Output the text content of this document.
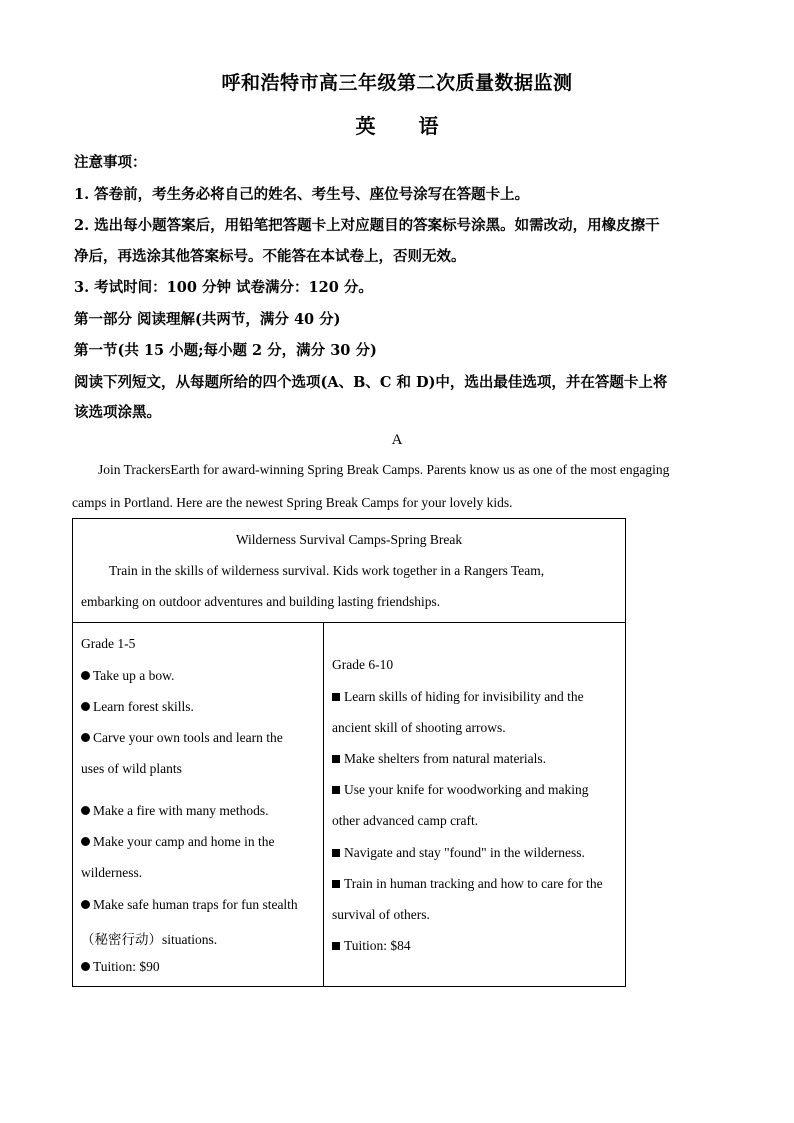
呼和浩特市高三年级第二次质量数据监测
英 语
注意事项：
1. 答卷前，考生务必将自己的姓名、考生号、座位号涂写在答题卡上。
2. 选出每小题答案后，用铅笔把答题卡上对应题目的答案标号涂黑。如需改动，用橡皮擦干
净后，再选涂其他答案标号。不能答在本试卷上，否则无效。
3. 考试时间：100 分钟 试卷满分：120 分。
第一部分 阅读理解(共两节，满分 40 分)
第一节(共 15 小题;每小题 2 分，满分 30 分)
阅读下列短文，从每题所给的四个选项(A、B、C 和 D)中，选出最佳选项，并在答题卡上将
该选项涂黑。
A
Join TrackersEarth for award-winning Spring Break Camps. Parents know us as one of the most engaging
camps in Portland. Here are the newest Spring Break Camps for your lovely kids.
Wilderness Survival Camps-Spring Break
Train in the skills of wilderness survival. Kids work together in a Rangers Team,
embarking on outdoor adventures and building lasting friendships.
Grade 1-5
Take up a bow.
Learn forest skills.
Carve your own tools and learn the
uses of wild plants
Make a fire with many methods.
Make your camp and home in the
wilderness.
Make safe human traps for fun stealth
（秘密行动）situations.
Tuition: $90
Grade 6-10
Learn skills of hiding for invisibility and the
ancient skill of shooting arrows.
Make shelters from natural materials.
Use your knife for woodworking and making
other advanced camp craft.
Navigate and stay "found" in the wilderness.
Train in human tracking and how to care for the
survival of others.
Tuition: $84
